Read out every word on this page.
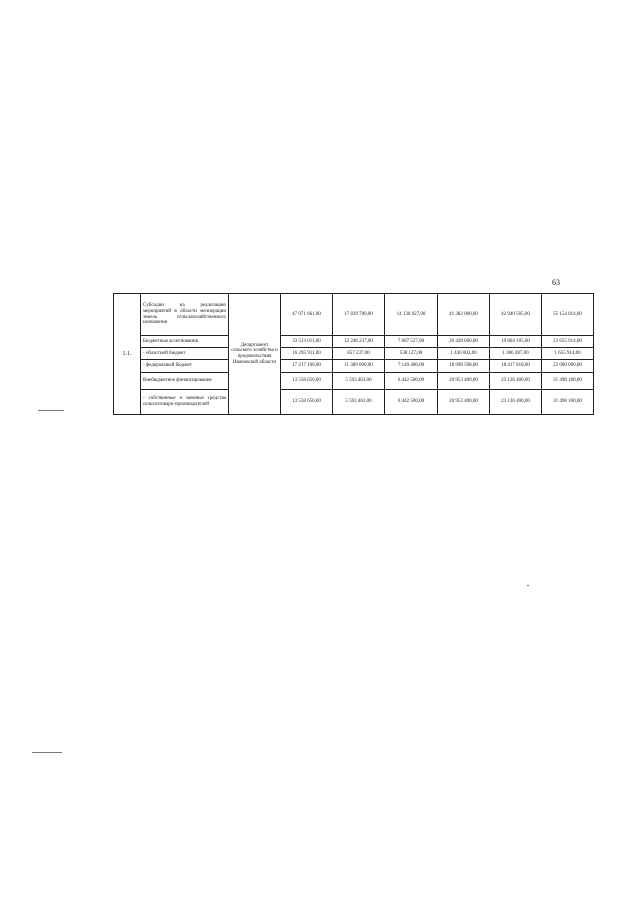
63
1.1.	Субсидии на реализацию мероприятий в области мелиорации земель сельскохозяйственного назначения	Департамент сельского хозяйства и продовольствия Ивановской области	47 071 661,00	17 839 700,00	14 130 027,00	41 382 000,00	42 940 505,00	55 154 014,00
	Бюджетные ассигнования		33 513 011,00	12 246 237,00	7 687 527,00	20 428 600,00	19 804 105,00	23 655 914,00
	- областной бюджет		16 295 911,00	857 237,00	538 127,00	1 430 002,00	1 386 287,00	1 655 914,00
	- федеральный бюджет		17 217 100,00	11 389 000,00	7 149 400,00	18 998 598,00	18 417 818,00	22 000 000,00
	Внебюджетное финансирование		13 558 650,00	5 593 463,00	6 442 500,00	20 953 400,00	23 136 400,00	31 498 100,00
	- собственные и заемные средства сельхозтоваро-производителей		13 558 650,00	5 593 463,00	6 442 500,00	20 953 400,00	23 136 400,00	31 498 100,00
